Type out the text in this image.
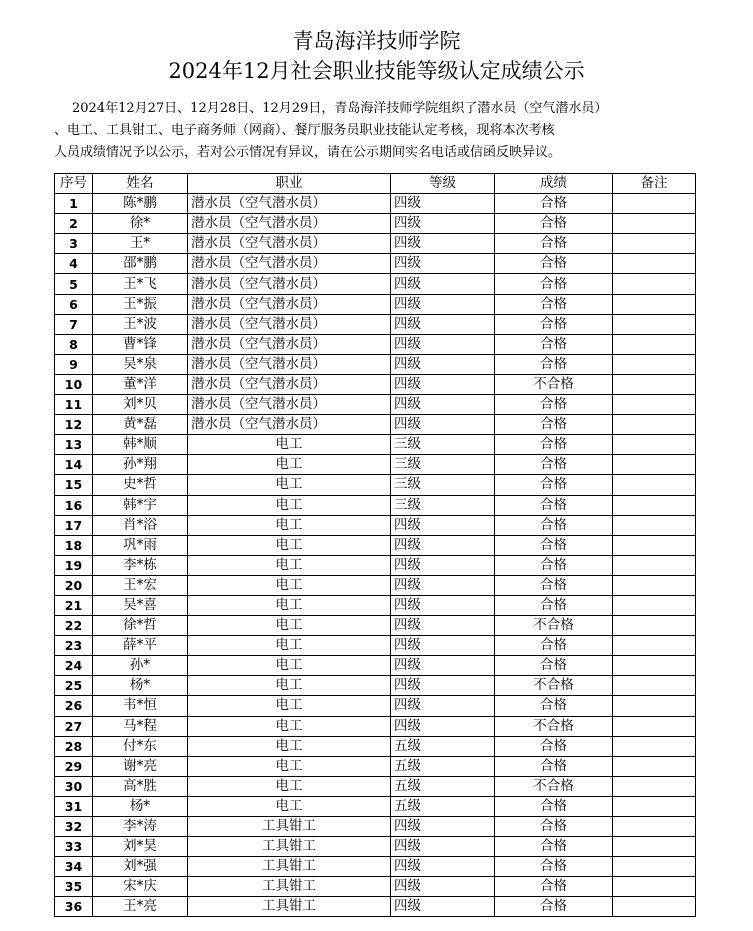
青岛海洋技师学院
2024年12月社会职业技能等级认定成绩公示
2024年12月27日、12月28日、12月29日，青岛海洋技师学院组织了潜水员（空气潜水员）
、电工、工具钳工、电子商务师（网商）、餐厅服务员职业技能认定考核，现将本次考核
人员成绩情况予以公示，若对公示情况有异议，请在公示期间实名电话或信函反映异议。
序号	姓名	职业	等级	成绩	备注
1	陈*鹏	潜水员（空气潜水员）	四级	合格	
2	徐*	潜水员（空气潜水员）	四级	合格	
3	王*	潜水员（空气潜水员）	四级	合格	
4	邵*鹏	潜水员（空气潜水员）	四级	合格	
5	王*飞	潜水员（空气潜水员）	四级	合格	
6	王*振	潜水员（空气潜水员）	四级	合格	
7	王*波	潜水员（空气潜水员）	四级	合格	
8	曹*锋	潜水员（空气潜水员）	四级	合格	
9	吴*泉	潜水员（空气潜水员）	四级	合格	
10	董*洋	潜水员（空气潜水员）	四级	不合格	
11	刘*贝	潜水员（空气潜水员）	四级	合格	
12	黄*磊	潜水员（空气潜水员）	四级	合格	
13	韩*顺	电工	三级	合格	
14	孙*翔	电工	三级	合格	
15	史*哲	电工	三级	合格	
16	韩*宇	电工	三级	合格	
17	肖*浴	电工	四级	合格	
18	巩*雨	电工	四级	合格	
19	李*栋	电工	四级	合格	
20	王*宏	电工	四级	合格	
21	吴*喜	电工	四级	合格	
22	徐*哲	电工	四级	不合格	
23	薛*平	电工	四级	合格	
24	孙*	电工	四级	合格	
25	杨*	电工	四级	不合格	
26	韦*恒	电工	四级	合格	
27	马*程	电工	四级	不合格	
28	付*东	电工	五级	合格	
29	谢*亮	电工	五级	合格	
30	高*胜	电工	五级	不合格	
31	杨*	电工	五级	合格	
32	李*涛	工具钳工	四级	合格	
33	刘*昊	工具钳工	四级	合格	
34	刘*强	工具钳工	四级	合格	
35	宋*庆	工具钳工	四级	合格	
36	王*亮	工具钳工	四级	合格	
